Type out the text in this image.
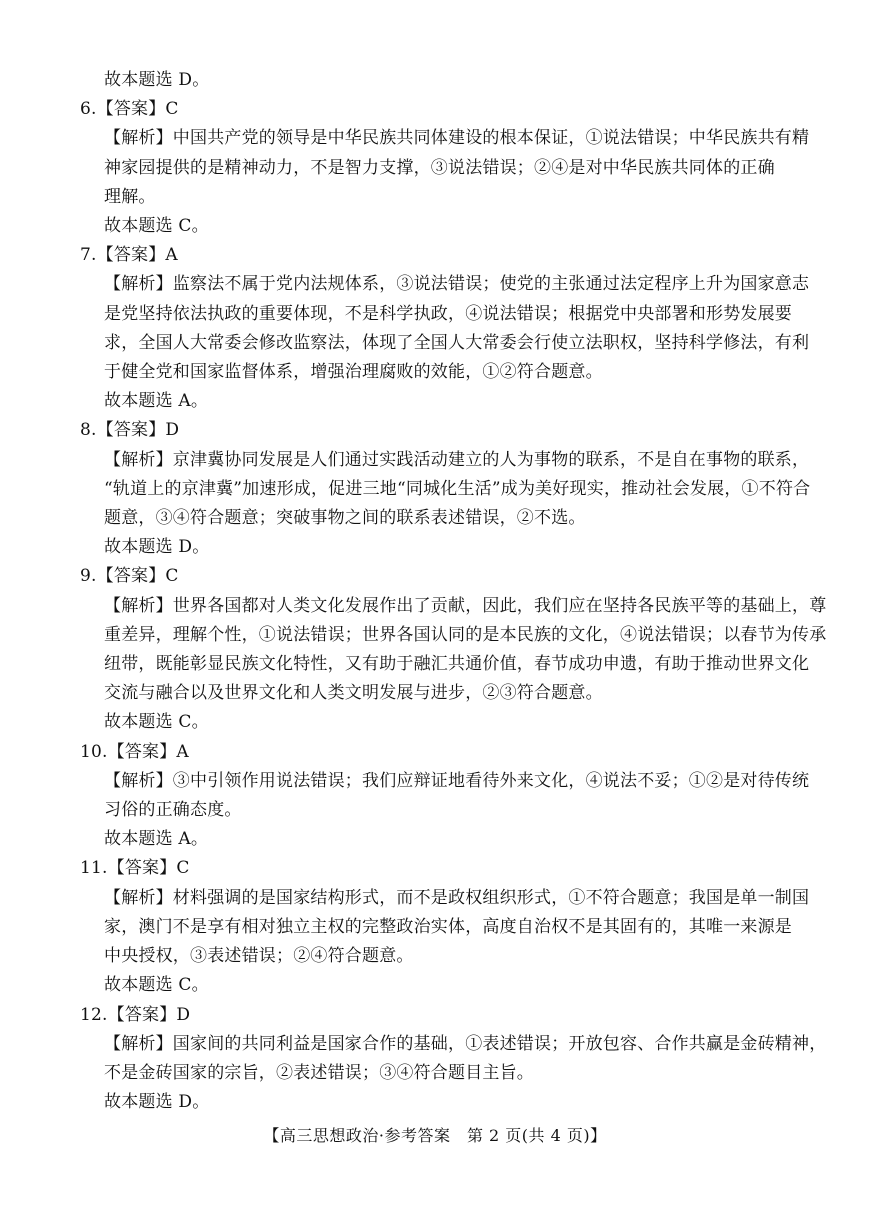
故本题选 D。
6.【答案】C
【解析】中国共产党的领导是中华民族共同体建设的根本保证，①说法错误；中华民族共有精
神家园提供的是精神动力，不是智力支撑，③说法错误；②④是对中华民族共同体的正确
理解。
故本题选 C。
7.【答案】A
【解析】监察法不属于党内法规体系，③说法错误；使党的主张通过法定程序上升为国家意志
是党坚持依法执政的重要体现，不是科学执政，④说法错误；根据党中央部署和形势发展要
求，全国人大常委会修改监察法，体现了全国人大常委会行使立法职权，坚持科学修法，有利
于健全党和国家监督体系，增强治理腐败的效能，①②符合题意。
故本题选 A。
8.【答案】D
【解析】京津冀协同发展是人们通过实践活动建立的人为事物的联系，不是自在事物的联系，
“轨道上的京津冀”加速形成，促进三地“同城化生活”成为美好现实，推动社会发展，①不符合
题意，③④符合题意；突破事物之间的联系表述错误，②不选。
故本题选 D。
9.【答案】C
【解析】世界各国都对人类文化发展作出了贡献，因此，我们应在坚持各民族平等的基础上，尊
重差异，理解个性，①说法错误；世界各国认同的是本民族的文化，④说法错误；以春节为传承
纽带，既能彰显民族文化特性，又有助于融汇共通价值，春节成功申遗，有助于推动世界文化
交流与融合以及世界文化和人类文明发展与进步，②③符合题意。
故本题选 C。
10.【答案】A
【解析】③中引领作用说法错误；我们应辩证地看待外来文化，④说法不妥；①②是对待传统
习俗的正确态度。
故本题选 A。
11.【答案】C
【解析】材料强调的是国家结构形式，而不是政权组织形式，①不符合题意；我国是单一制国
家，澳门不是享有相对独立主权的完整政治实体，高度自治权不是其固有的，其唯一来源是
中央授权，③表述错误；②④符合题意。
故本题选 C。
12.【答案】D
【解析】国家间的共同利益是国家合作的基础，①表述错误；开放包容、合作共赢是金砖精神，
不是金砖国家的宗旨，②表述错误；③④符合题目主旨。
故本题选 D。
【高三思想政治·参考答案　第 2 页(共 4 页)】
